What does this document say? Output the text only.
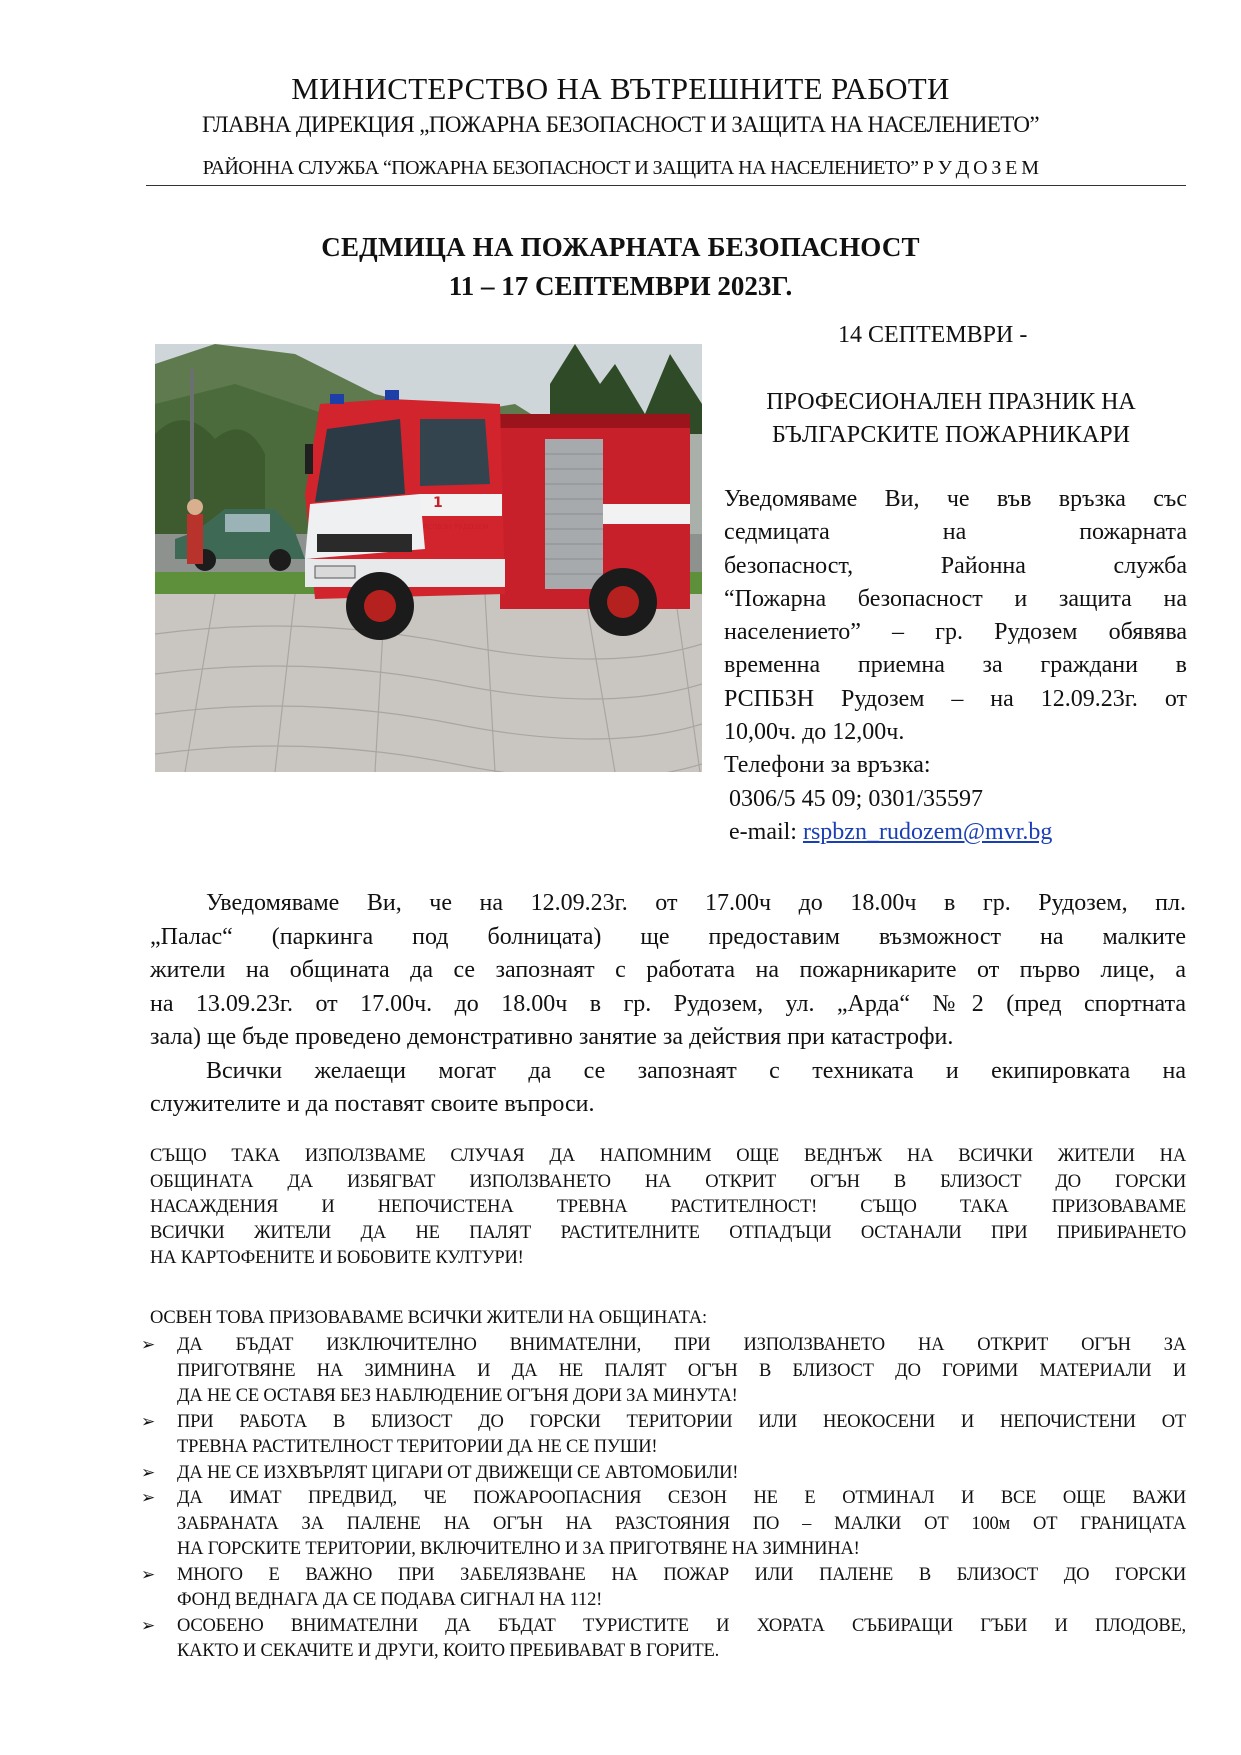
МИНИСТЕРСТВО НА ВЪТРЕШНИТЕ РАБОТИ
ГЛАВНА ДИРЕКЦИЯ „ПОЖАРНА БЕЗОПАСНОСТ И ЗАЩИТА НА НАСЕЛЕНИЕТО”
РАЙОННА СЛУЖБА “ПОЖАРНА БЕЗОПАСНОСТ И ЗАЩИТА НА НАСЕЛЕНИЕТО” Р У Д О З Е М
СЕДМИЦА НА ПОЖАРНАТА БЕЗОПАСНОСТ
11 – 17 СЕПТЕМВРИ 2023Г.
1
РСПБЗН РУДОЗЕМ
14 СЕПТЕМВРИ -
ПРОФЕСИОНАЛЕН ПРАЗНИК НА
БЪЛГАРСКИТЕ ПОЖАРНИКАРИ
Уведомяваме Ви, че във връзка със
седмицата на пожарната
безопасност, Районна служба
“Пожарна безопасност и защита на
населението” – гр. Рудозем обявява
временна приемна за граждани в
РСПБЗН Рудозем – на 12.09.23г. от
10,00ч. до 12,00ч.
Телефони за връзка:
0306/5 45 09; 0301/35597
e-mail: rspbzn_rudozem@mvr.bg
Уведомяваме Ви, че на 12.09.23г. от 17.00ч до 18.00ч в гр. Рудозем, пл.
„Палас“ (паркинга под болницата) ще предоставим възможност на малките
жители на общината да се запознаят с работата на пожарникарите от първо лице, а
на 13.09.23г. от 17.00ч. до 18.00ч в гр. Рудозем, ул. „Арда“ №2 (пред спортната
зала) ще бъде проведено демонстративно занятие за действия при катастрофи.
Всички желаещи могат да се запознаят с техниката и екипировката на
служителите и да поставят своите въпроси.
СЪЩО ТАКА ИЗПОЛЗВАМЕ СЛУЧАЯ ДА НАПОМНИМ ОЩЕ ВЕДНЪЖ НА ВСИЧКИ ЖИТЕЛИ НА
ОБЩИНАТА ДА ИЗБЯГВАТ ИЗПОЛЗВАНЕТО НА ОТКРИТ ОГЪН В БЛИЗОСТ ДО ГОРСКИ
НАСАЖДЕНИЯ И НЕПОЧИСТЕНА ТРЕВНА РАСТИТЕЛНОСТ! СЪЩО ТАКА ПРИЗОВАВАМЕ
ВСИЧКИ ЖИТЕЛИ ДА НЕ ПАЛЯТ РАСТИТЕЛНИТЕ ОТПАДЪЦИ ОСТАНАЛИ ПРИ ПРИБИРАНЕТО
НА КАРТОФЕНИТЕ И БОБОВИТЕ КУЛТУРИ!
ОСВЕН ТОВА ПРИЗОВАВАМЕ ВСИЧКИ ЖИТЕЛИ НА ОБЩИНАТА:
➢ ДА БЪДАТ ИЗКЛЮЧИТЕЛНО ВНИМАТЕЛНИ, ПРИ ИЗПОЛЗВАНЕТО НА ОТКРИТ ОГЪН ЗА
ПРИГОТВЯНЕ НА ЗИМНИНА И ДА НЕ ПАЛЯТ ОГЪН В БЛИЗОСТ ДО ГОРИМИ МАТЕРИАЛИ И
ДА НЕ СЕ ОСТАВЯ БЕЗ НАБЛЮДЕНИЕ ОГЪНЯ ДОРИ ЗА МИНУТА!
➢ ПРИ РАБОТА В БЛИЗОСТ ДО ГОРСКИ ТЕРИТОРИИ ИЛИ НЕОКОСЕНИ И НЕПОЧИСТЕНИ ОТ
ТРЕВНА РАСТИТЕЛНОСТ ТЕРИТОРИИ ДА НЕ СЕ ПУШИ!
➢ ДА НЕ СЕ ИЗХВЪРЛЯТ ЦИГАРИ ОТ ДВИЖЕЩИ СЕ АВТОМОБИЛИ!
➢ ДА ИМАТ ПРЕДВИД, ЧЕ ПОЖАРООПАСНИЯ СЕЗОН НЕ Е ОТМИНАЛ И ВСЕ ОЩЕ ВАЖИ
ЗАБРАНАТА ЗА ПАЛЕНЕ НА ОГЪН НА РАЗСТОЯНИЯ ПО – МАЛКИ ОТ 100м ОТ ГРАНИЦАТА
НА ГОРСКИТЕ ТЕРИТОРИИ, ВКЛЮЧИТЕЛНО И ЗА ПРИГОТВЯНЕ НА ЗИМНИНА!
➢ МНОГО Е ВАЖНО ПРИ ЗАБЕЛЯЗВАНЕ НА ПОЖАР ИЛИ ПАЛЕНЕ В БЛИЗОСТ ДО ГОРСКИ
ФОНД ВЕДНАГА ДА СЕ ПОДАВА СИГНАЛ НА 112!
➢ ОСОБЕНО ВНИМАТЕЛНИ ДА БЪДАТ ТУРИСТИТЕ И ХОРАТА СЪБИРАЩИ ГЪБИ И ПЛОДОВЕ,
КАКТО И СЕКАЧИТЕ И ДРУГИ, КОИТО ПРЕБИВАВАТ В ГОРИТЕ.
